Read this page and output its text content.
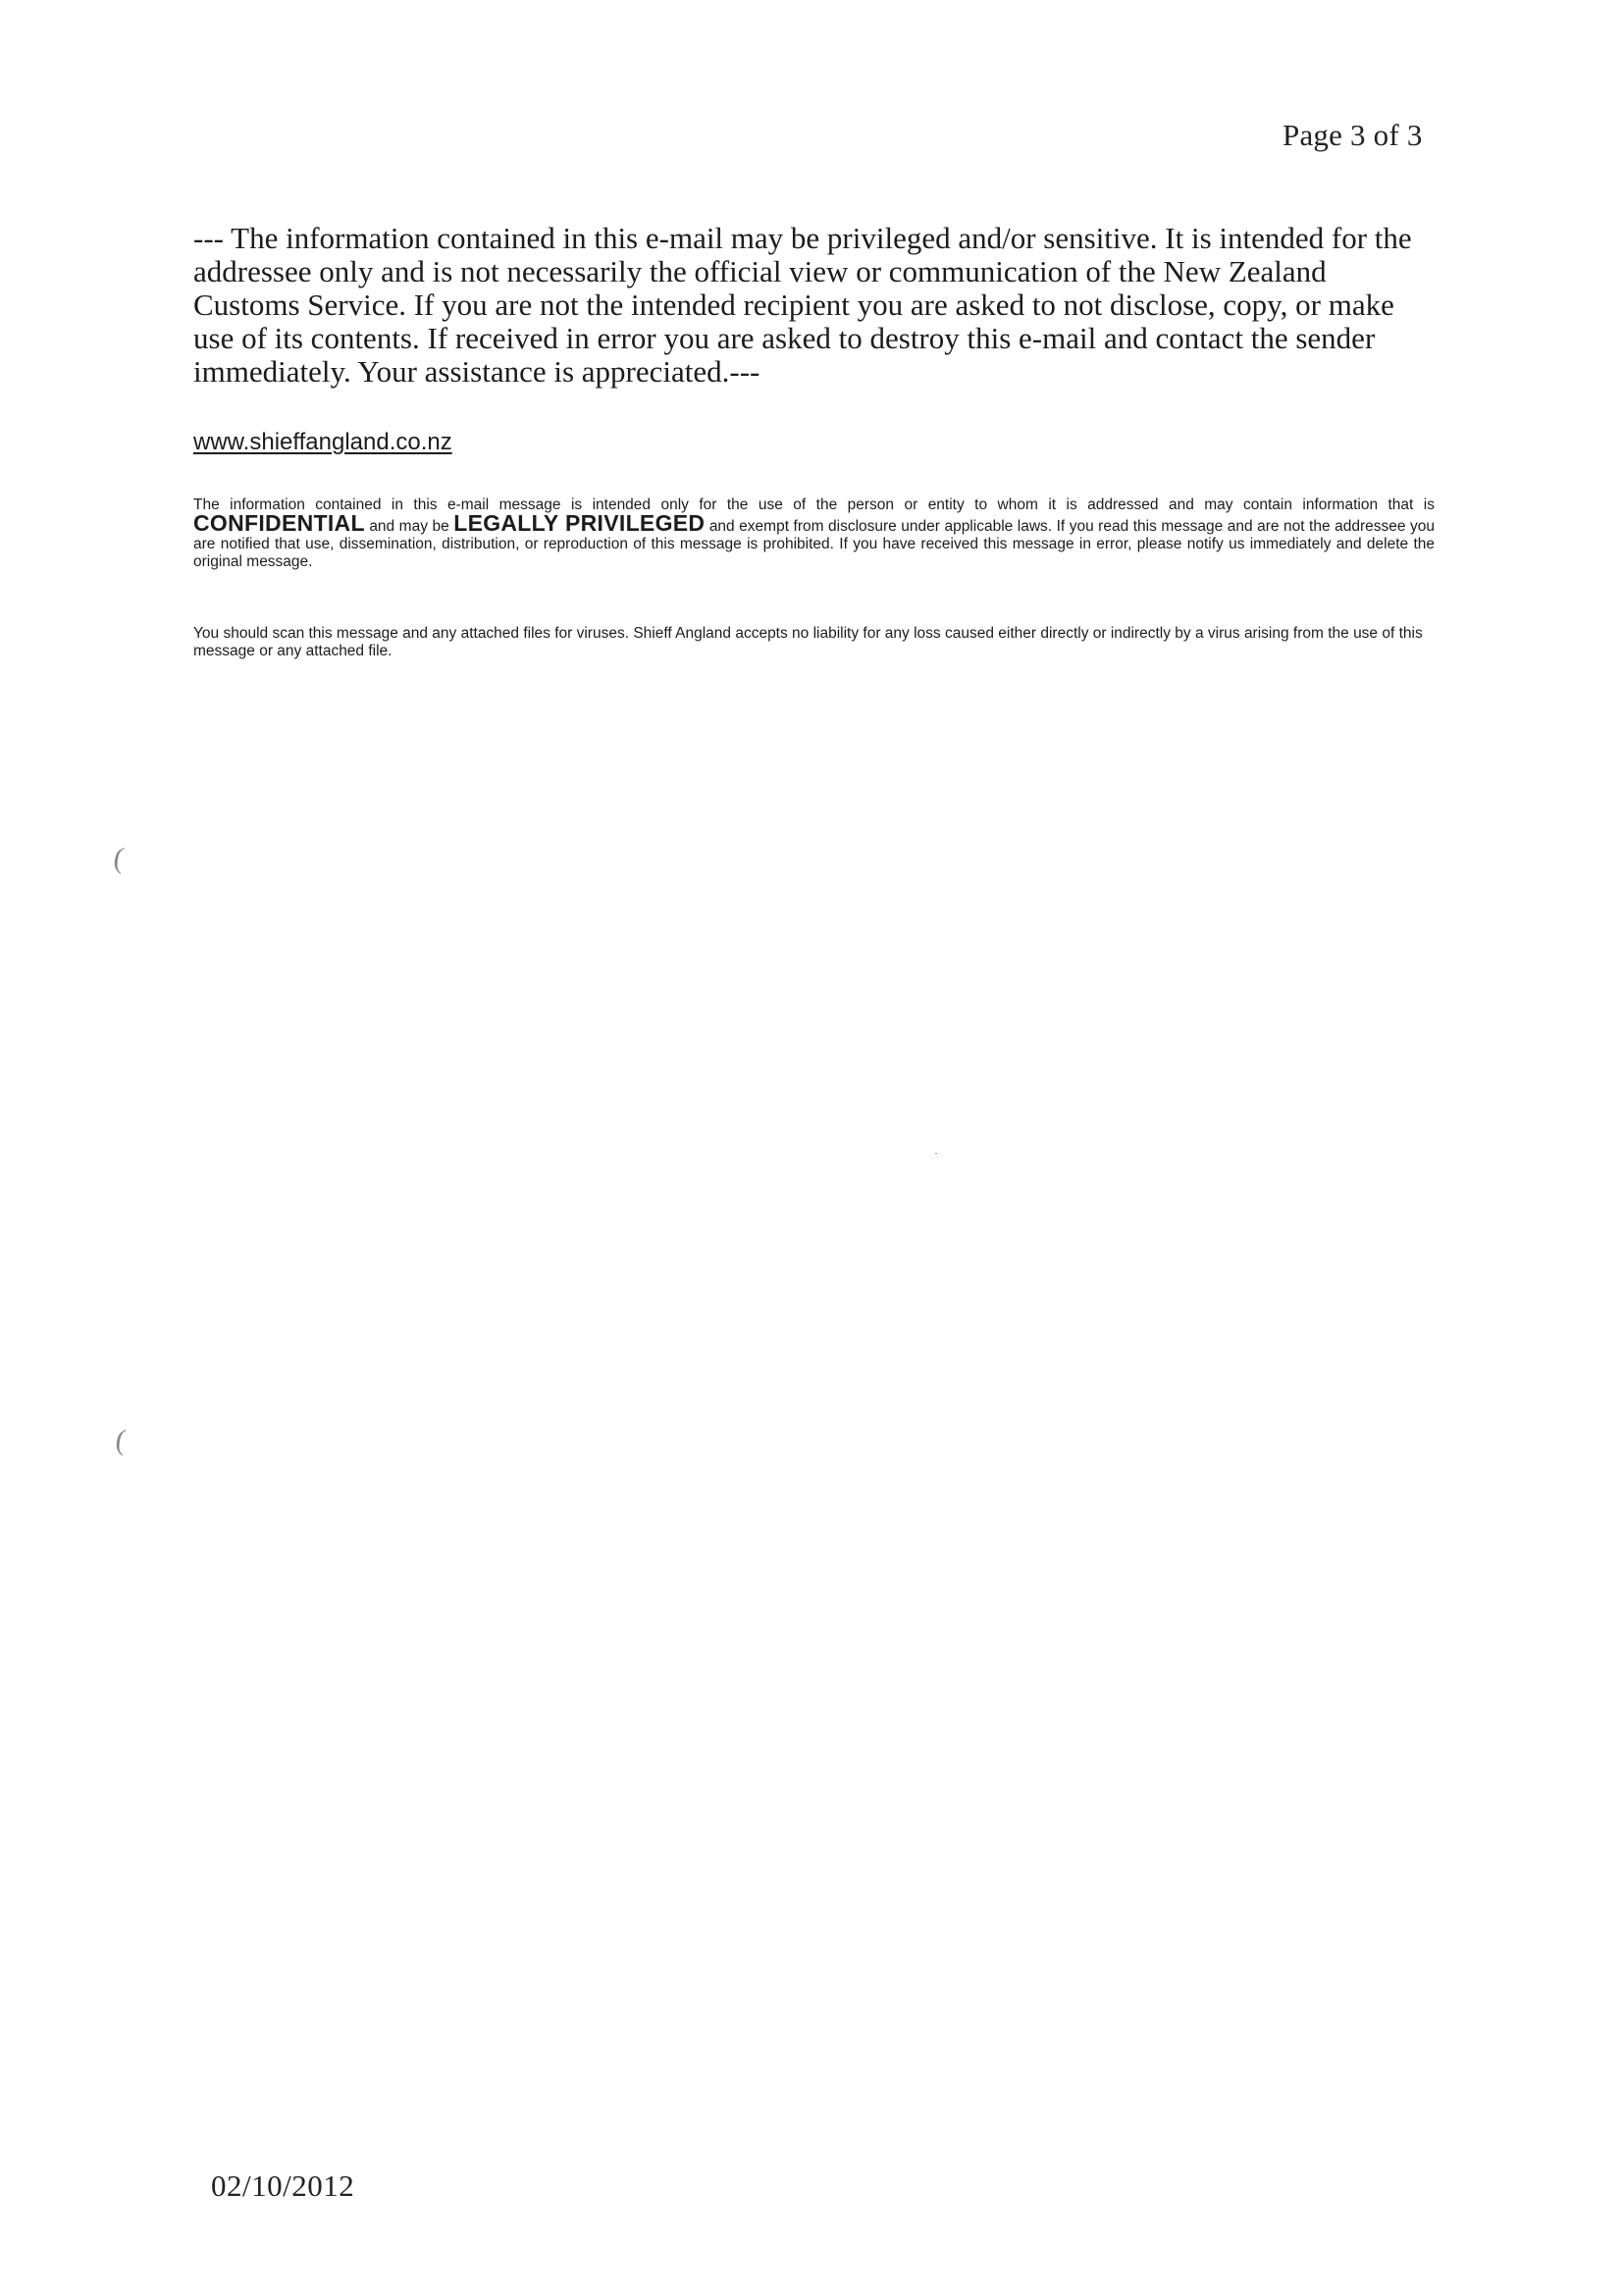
Page 3 of 3

--- The information contained in this e-mail may be privileged and/or sensitive. It is intended for the addressee only and is not necessarily the official view or communication of the New Zealand Customs Service. If you are not the intended recipient you are asked to not disclose, copy, or make use of its contents. If received in error you are asked to destroy this e-mail and contact the sender immediately. Your assistance is appreciated.---

www.shieffangland.co.nz

The information contained in this e-mail message is intended only for the use of the person or entity to whom it is addressed and may contain information that is CONFIDENTIAL and may be LEGALLY PRIVILEGED and exempt from disclosure under applicable laws. If you read this message and are not the addressee you are notified that use, dissemination, distribution, or reproduction of this message is prohibited. If you have received this message in error, please notify us immediately and delete the original message.

You should scan this message and any attached files for viruses. Shieff Angland accepts no liability for any loss caused either directly or indirectly by a virus arising from the use of this message or any attached file.

(
(
02/10/2012
